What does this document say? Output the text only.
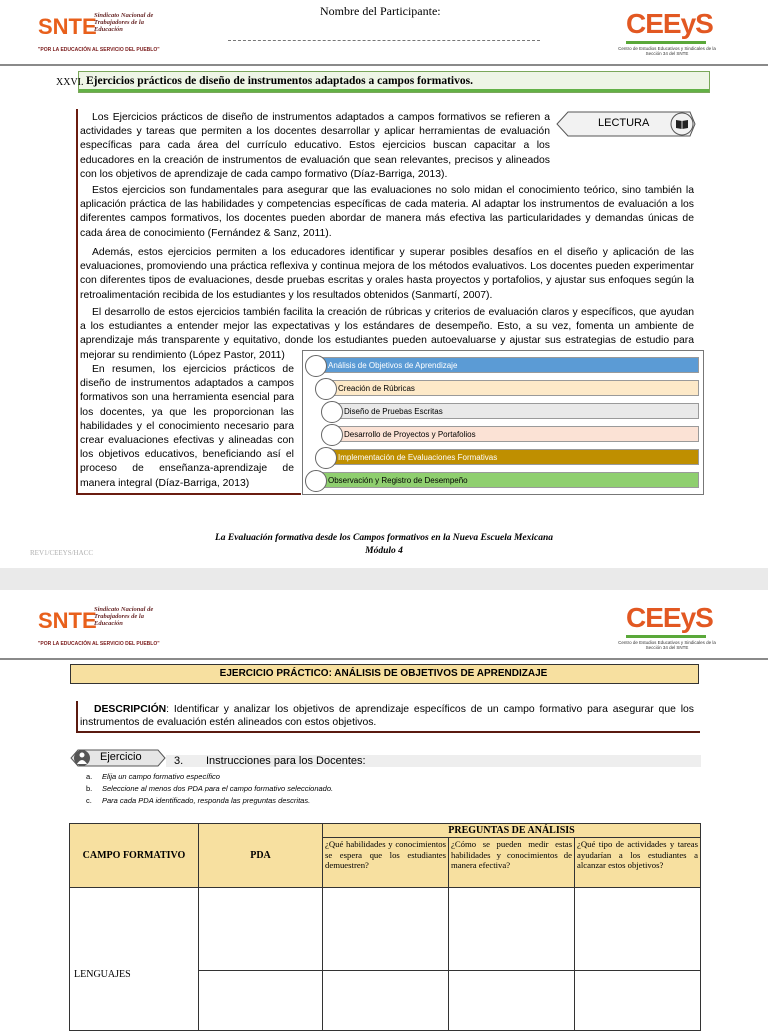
SNTE
Sindicato Nacional de Trabajadores de la Educación
"POR LA EDUCACIÓN AL SERVICIO DEL PUEBLO"
Nombre del Participante:	CEEyS
Centro de Estudios Educativos y Sindicales de la Sección 34 del SNTE
XXVI. Ejercicios prácticos de diseño de instrumentos adaptados a campos formativos.
LECTURA

Los Ejercicios prácticos de diseño de instrumentos adaptados a campos formativos se refieren a actividades y tareas que permiten a los docentes desarrollar y aplicar herramientas de evaluación específicas para cada área del currículo educativo. Estos ejercicios buscan capacitar a los educadores en la creación de instrumentos de evaluación que sean relevantes, precisos y alineados con los objetivos de aprendizaje de cada campo formativo (Díaz-Barriga, 2013).

Estos ejercicios son fundamentales para asegurar que las evaluaciones no solo midan el conocimiento teórico, sino también la aplicación práctica de las habilidades y competencias específicas de cada materia. Al adaptar los instrumentos de evaluación a los diferentes campos formativos, los docentes pueden abordar de manera más efectiva las particularidades y demandas únicas de cada área de conocimiento (Fernández & Sanz, 2011).

Además, estos ejercicios permiten a los educadores identificar y superar posibles desafíos en el diseño y aplicación de las evaluaciones, promoviendo una práctica reflexiva y continua mejora de los métodos evaluativos. Los docentes pueden experimentar con diferentes tipos de evaluaciones, desde pruebas escritas y orales hasta proyectos y portafolios, y ajustar sus enfoques según la retroalimentación recibida de los estudiantes y los resultados obtenidos (Sanmartí, 2007).

El desarrollo de estos ejercicios también facilita la creación de rúbricas y criterios de evaluación claros y específicos, que ayudan a los estudiantes a entender mejor las expectativas y los estándares de desempeño. Esto, a su vez, fomenta un ambiente de aprendizaje más transparente y equitativo, donde los estudiantes pueden autoevaluarse y ajustar sus estrategias de estudio para mejorar su rendimiento (López Pastor, 2011)

En resumen, los ejercicios prácticos de diseño de instrumentos adaptados a campos formativos son una herramienta esencial para los docentes, ya que les proporcionan las habilidades y el conocimiento necesario para crear evaluaciones efectivas y alineadas con los objetivos educativos, beneficiando así el proceso de enseñanza-aprendizaje de manera integral (Díaz-Barriga, 2013)

Análisis de Objetivos de Aprendizaje
Creación de Rúbricas
Diseño de Pruebas Escritas
Desarrollo de Proyectos y Portafolios
Implementación de Evaluaciones Formativas
Observación y Registro de Desempeño
La Evaluación formativa desde los Campos formativos en la Nueva Escuela Mexicana
Módulo 4
REV1/CEEYS/HACC
SNTE
Sindicato Nacional de Trabajadores de la Educación
"POR LA EDUCACIÓN AL SERVICIO DEL PUEBLO"
CEEyS
Centro de Estudios Educativos y Sindicales de la Sección 34 del SNTE
EJERCICIO PRÁCTICO: ANÁLISIS DE OBJETIVOS DE APRENDIZAJE

DESCRIPCIÓN: Identificar y analizar los objetivos de aprendizaje específicos de un campo formativo para asegurar que los instrumentos de evaluación estén alineados con estos objetivos.

Ejercicio	3. Instrucciones para los Docentes:
a. Elija un campo formativo específico
b. Seleccione al menos dos PDA para el campo formativo seleccionado.
c. Para cada PDA identificado, responda las preguntas descritas.
CAMPO FORMATIVO	PDA	PREGUNTAS DE ANÁLISIS		
		¿Qué habilidades y conocimientos se espera que los estudiantes demuestren?	¿Cómo se pueden medir estas habilidades y conocimientos de manera efectiva?	¿Qué tipo de actividades y tareas ayudarían a los estudiantes a alcanzar estos objetivos?
LENGUAJES				
